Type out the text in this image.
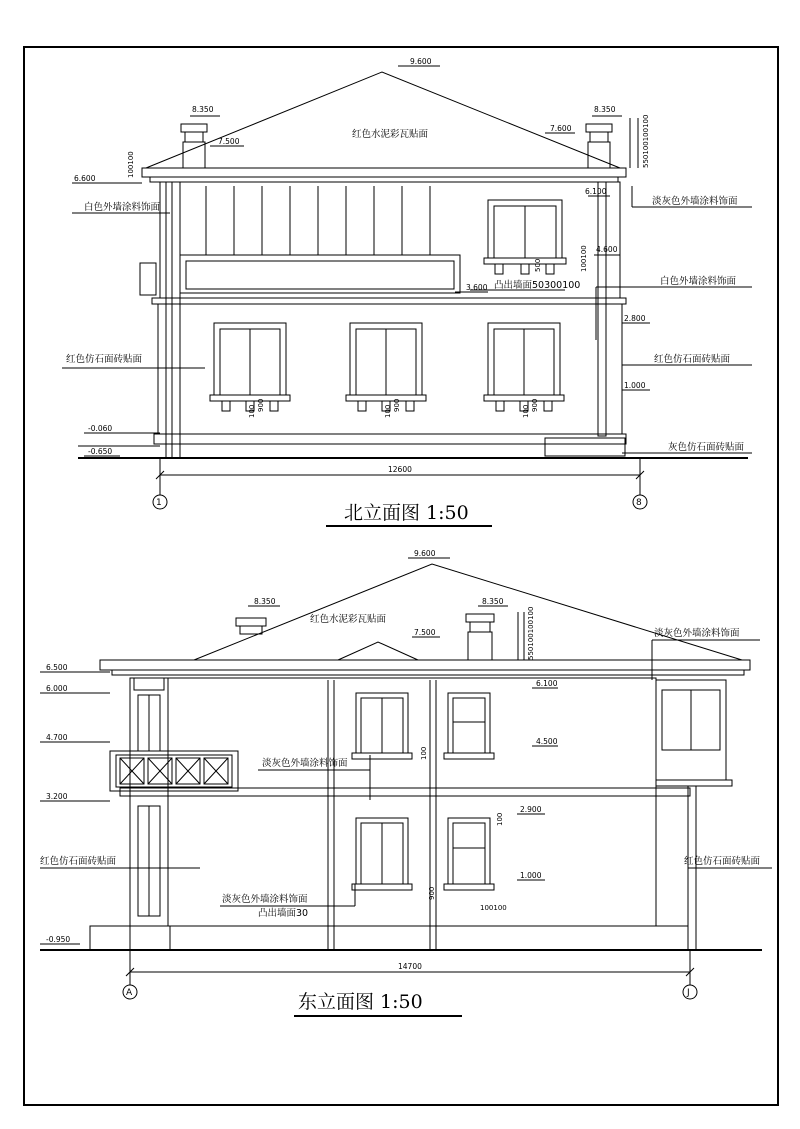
9.600
8.350	8.350
7.500
7.600
6.600
6.100
4.600
3.600
2.800
1.000
-0.060
-0.650
550100100100
100100
100100
500
100 900	100 900	100 900
红色水泥彩瓦贴面
白色外墙涂料饰面
淡灰色外墙涂料饰面
白色外墙涂料饰面
凸出墙面50300100
红色仿石面砖贴面	红色仿石面砖贴面
灰色仿石面砖贴面
12600
1	8
北立面图 1:50
9.600
8.350	8.350
7.500
6.500
6.000
6.100
4.700	4.500
3.200
2.900
1.000
-0.950
550100100100
100100
100
100
900
红色水泥彩瓦贴面
淡灰色外墙涂料饰面
淡灰色外墙涂料饰面
红色仿石面砖贴面	红色仿石面砖贴面
淡灰色外墙涂料饰面
凸出墙面30
14700
A	J
东立面图 1:50
